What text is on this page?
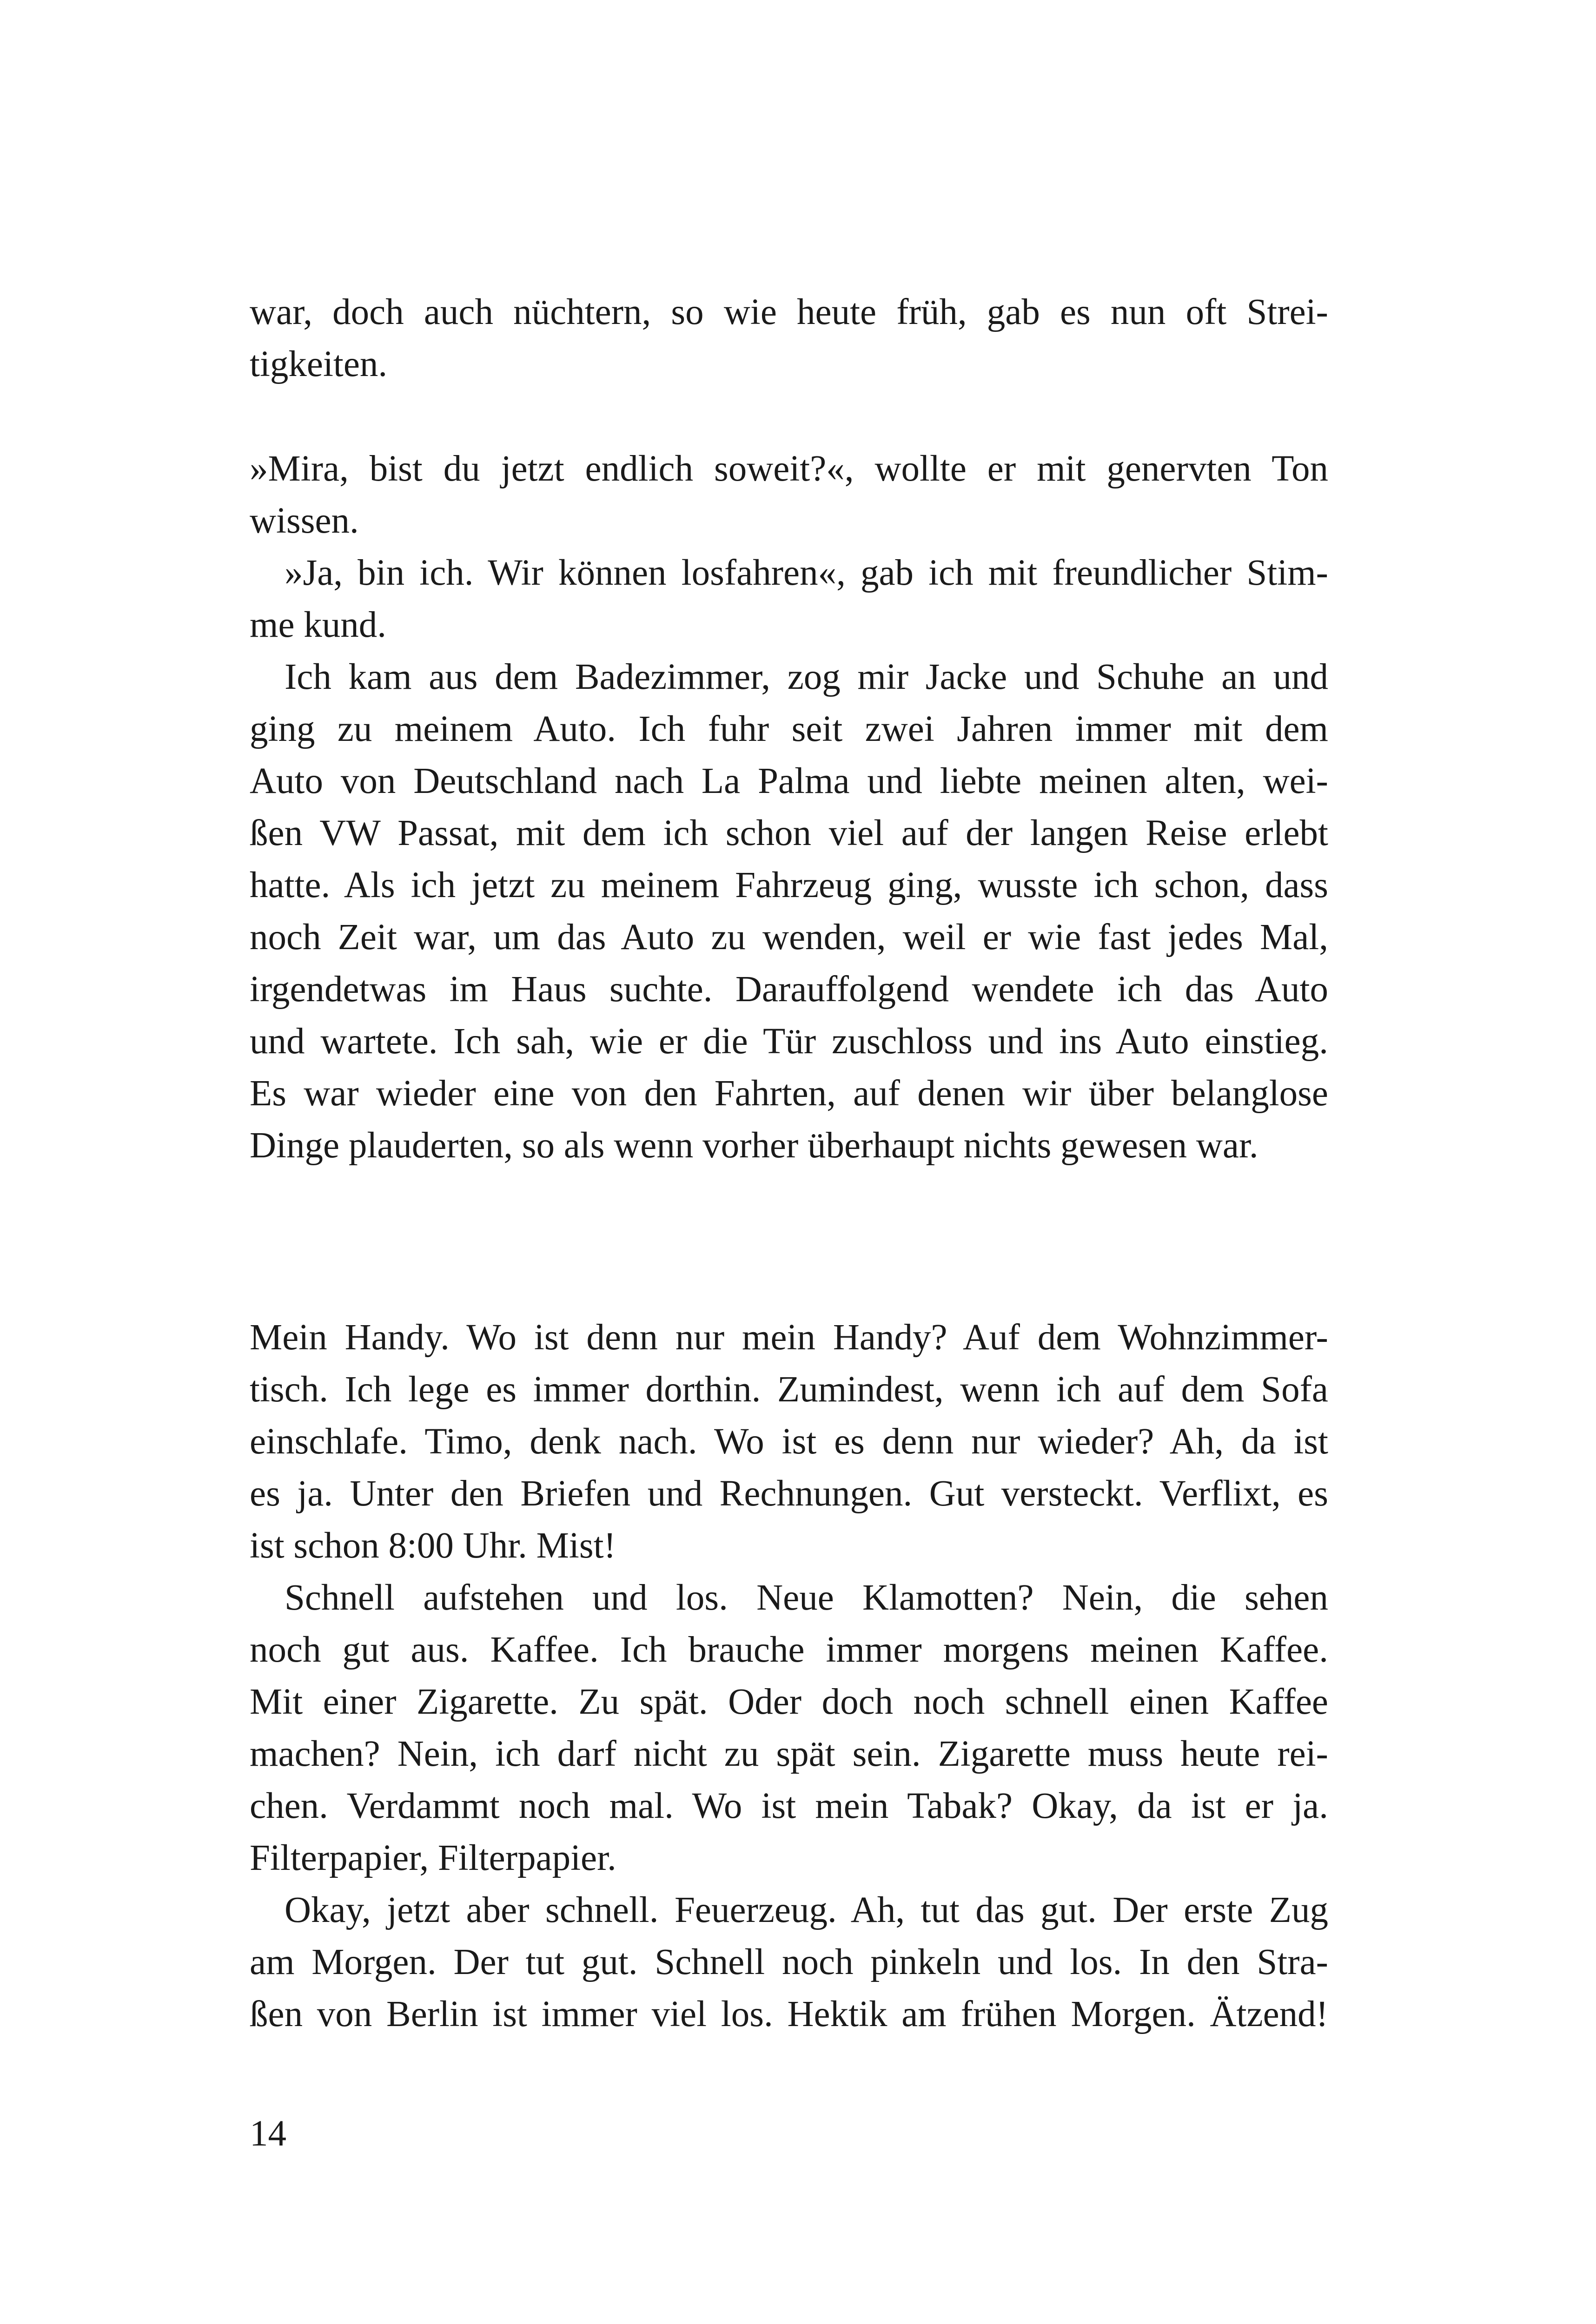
war, doch auch nüchtern, so wie heute früh, gab es nun oft Strei-
tigkeiten.
»Mira, bist du jetzt endlich soweit?«, wollte er mit genervten Ton
wissen.
»Ja, bin ich. Wir können losfahren«, gab ich mit freundlicher Stim-
me kund.
Ich kam aus dem Badezimmer, zog mir Jacke und Schuhe an und
ging zu meinem Auto. Ich fuhr seit zwei Jahren immer mit dem
Auto von Deutschland nach La Palma und liebte meinen alten, wei-
ßen VW Passat, mit dem ich schon viel auf der langen Reise erlebt
hatte. Als ich jetzt zu meinem Fahrzeug ging, wusste ich schon, dass
noch Zeit war, um das Auto zu wenden, weil er wie fast jedes Mal,
irgendetwas im Haus suchte. Darauffolgend wendete ich das Auto
und wartete. Ich sah, wie er die Tür zuschloss und ins Auto einstieg.
Es war wieder eine von den Fahrten, auf denen wir über belanglose
Dinge plauderten, so als wenn vorher überhaupt nichts gewesen war.
Mein Handy. Wo ist denn nur mein Handy? Auf dem Wohnzimmer-
tisch. Ich lege es immer dorthin. Zumindest, wenn ich auf dem Sofa
einschlafe. Timo, denk nach. Wo ist es denn nur wieder? Ah, da ist
es ja. Unter den Briefen und Rechnungen. Gut versteckt. Verflixt, es
ist schon 8:00 Uhr. Mist!
Schnell aufstehen und los. Neue Klamotten? Nein, die sehen
noch gut aus. Kaffee. Ich brauche immer morgens meinen Kaffee.
Mit einer Zigarette. Zu spät. Oder doch noch schnell einen Kaffee
machen? Nein, ich darf nicht zu spät sein. Zigarette muss heute rei-
chen. Verdammt noch mal. Wo ist mein Tabak? Okay, da ist er ja.
Filterpapier, Filterpapier.
Okay, jetzt aber schnell. Feuerzeug. Ah, tut das gut. Der erste Zug
am Morgen. Der tut gut. Schnell noch pinkeln und los. In den Stra-
ßen von Berlin ist immer viel los. Hektik am frühen Morgen. Ätzend!
14
